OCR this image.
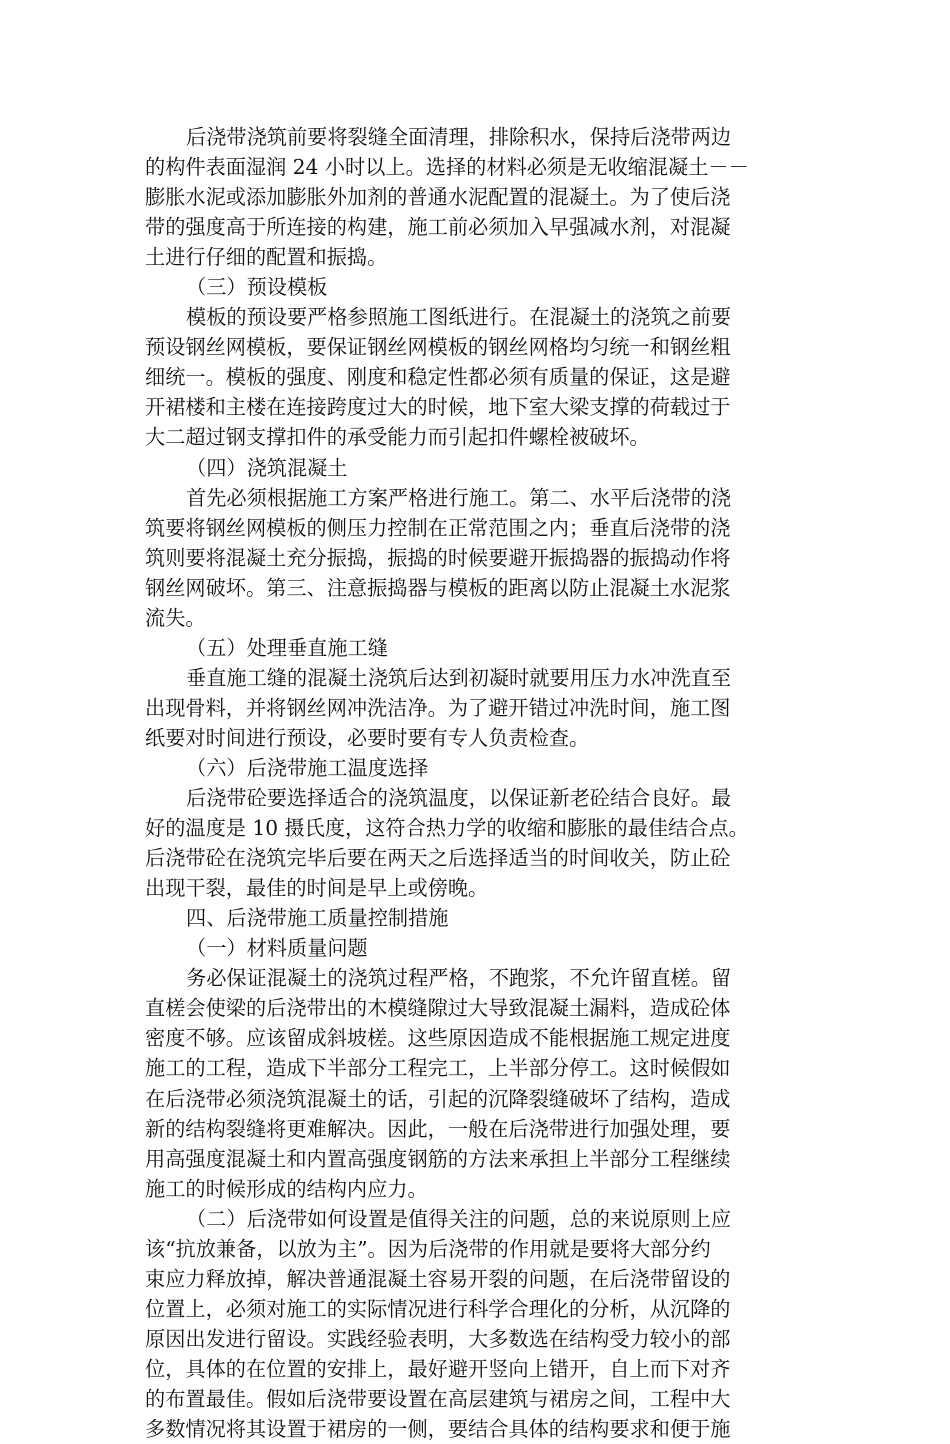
后浇带浇筑前要将裂缝全面清理，排除积水，保持后浇带两边
的构件表面湿润 24 小时以上。选择的材料必须是无收缩混凝土－－
膨胀水泥或添加膨胀外加剂的普通水泥配置的混凝土。为了使后浇
带的强度高于所连接的构建，施工前必须加入早强减水剂，对混凝
土进行仔细的配置和振捣。
（三）预设模板
模板的预设要严格参照施工图纸进行。在混凝土的浇筑之前要
预设钢丝网模板，要保证钢丝网模板的钢丝网格均匀统一和钢丝粗
细统一。模板的强度、刚度和稳定性都必须有质量的保证，这是避
开裙楼和主楼在连接跨度过大的时候，地下室大梁支撑的荷载过于
大二超过钢支撑扣件的承受能力而引起扣件螺栓被破坏。
（四）浇筑混凝土
首先必须根据施工方案严格进行施工。第二、水平后浇带的浇
筑要将钢丝网模板的侧压力控制在正常范围之内；垂直后浇带的浇
筑则要将混凝土充分振捣，振捣的时候要避开振捣器的振捣动作将
钢丝网破坏。第三、注意振捣器与模板的距离以防止混凝土水泥浆
流失。
（五）处理垂直施工缝
垂直施工缝的混凝土浇筑后达到初凝时就要用压力水冲洗直至
出现骨料，并将钢丝网冲洗洁净。为了避开错过冲洗时间，施工图
纸要对时间进行预设，必要时要有专人负责检查。
（六）后浇带施工温度选择
后浇带砼要选择适合的浇筑温度，以保证新老砼结合良好。最
好的温度是 10 摄氏度，这符合热力学的收缩和膨胀的最佳结合点。
后浇带砼在浇筑完毕后要在两天之后选择适当的时间收关，防止砼
出现干裂，最佳的时间是早上或傍晚。
四、后浇带施工质量控制措施
（一）材料质量问题
务必保证混凝土的浇筑过程严格，不跑浆，不允许留直槎。留
直槎会使梁的后浇带出的木模缝隙过大导致混凝土漏料，造成砼体
密度不够。应该留成斜坡槎。这些原因造成不能根据施工规定进度
施工的工程，造成下半部分工程完工，上半部分停工。这时候假如
在后浇带必须浇筑混凝土的话，引起的沉降裂缝破坏了结构，造成
新的结构裂缝将更难解决。因此，一般在后浇带进行加强处理，要
用高强度混凝土和内置高强度钢筋的方法来承担上半部分工程继续
施工的时候形成的结构内应力。
（二）后浇带如何设置是值得关注的问题，总的来说原则上应
该“抗放兼备，以放为主”。因为后浇带的作用就是要将大部分约
束应力释放掉，解决普通混凝土容易开裂的问题，在后浇带留设的
位置上，必须对施工的实际情况进行科学合理化的分析，从沉降的
原因出发进行留设。实践经验表明，大多数选在结构受力较小的部
位，具体的在位置的安排上，最好避开竖向上错开，自上而下对齐
的布置最佳。假如后浇带要设置在高层建筑与裙房之间，工程中大
多数情况将其设置于裙房的一侧，要结合具体的结构要求和便于施
